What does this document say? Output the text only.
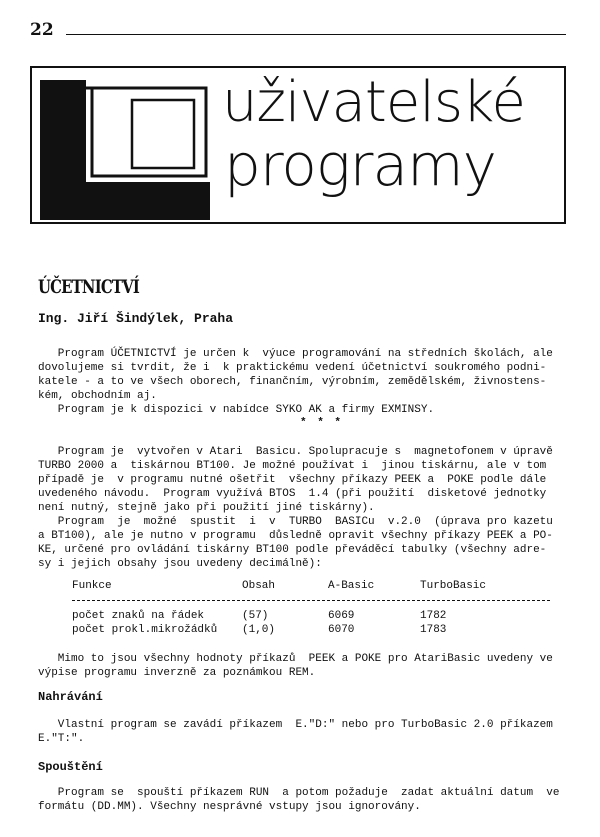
22
uživatelské
programy
ÚČETNICTVÍ
Ing. Jiří Šindýlek, Praha
Program ÚČETNICTVÍ je určen k  výuce programování na středních školách, ale
dovolujeme si tvrdit, že i  k praktickému vedení účetnictví soukromého podni-
katele - a to ve všech oborech, finančním, výrobním, zemědělském, živnostens-
kém, obchodním aj.
Program je k dispozici v nabídce SYKO AK a firmy EXMINSY.
* * *
Program je  vytvořen v Atari  Basicu. Spolupracuje s  magnetofonem v úpravě
TURBO 2000 a  tiskárnou BT100. Je možné používat i  jinou tiskárnu, ale v tom
případě je  v programu nutné ošetřit  všechny příkazy PEEK a  POKE podle dále
uvedeného návodu.  Program využívá BTOS  1.4 (při použití  disketové jednotky
není nutný, stejně jako při použití jiné tiskárny).
Program  je  možné  spustit  i  v  TURBO  BASICu  v.2.0  (úprava pro kazetu
a BT100), ale je nutno v programu  důsledně opravit všechny příkazy PEEK a PO-
KE, určené pro ovládání tiskárny BT100 podle převáděcí tabulky (všechny adre-
sy i jejich obsahy jsou uvedeny decimálně):
Funkce	Obsah	A-Basic	TurboBasic
počet znaků na řádek	(57)	6069	1782
počet prokl.mikrožádků (1,0)	6070	1783
Mimo to jsou všechny hodnoty příkazů  PEEK a POKE pro AtariBasic uvedeny ve
výpise programu inverzně za poznámkou REM.
Nahrávání
Vlastní program se zavádí příkazem  E."D:" nebo pro TurboBasic 2.0 příkazem
E."T:".
Spouštění
Program se  spouští příkazem RUN  a potom požaduje  zadat aktuální datum  ve
formátu (DD.MM). Všechny nesprávné vstupy jsou ignorovány.
